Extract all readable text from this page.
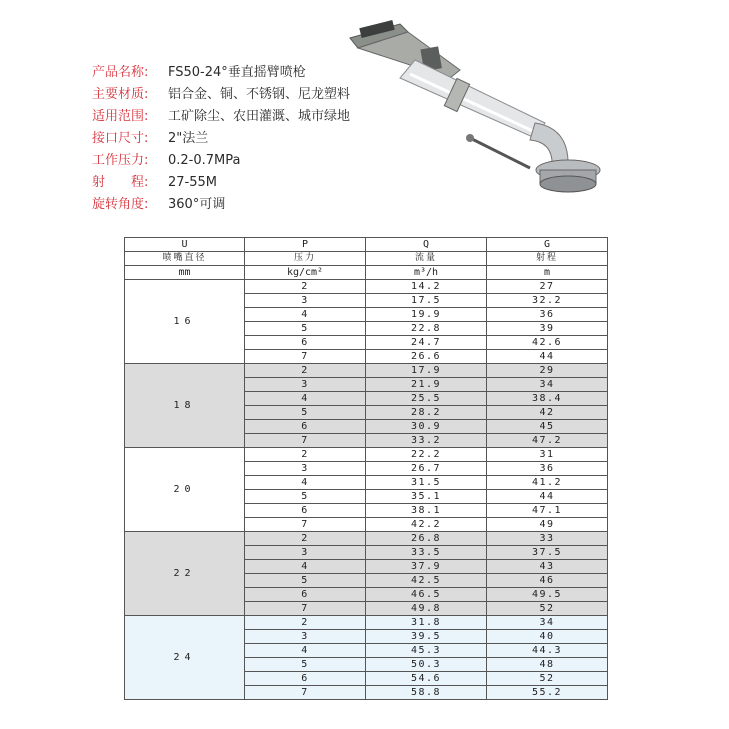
产品名称: FS50-24°垂直摇臂喷枪
主要材质: 铝合金、铜、不锈钢、尼龙塑料
适用范围: 工矿除尘、农田灌溉、城市绿地
接口尺寸: 2"法兰
工作压力: 0.2-0.7MPa
射　　程: 27-55M
旋转角度: 360°可调
U	P	Q	G
喷嘴直径	压力	流量	射程
mm	kg/cm²	m³/h	m
16	2	14.2	27
	3	17.5	32.2
	4	19.9	36
	5	22.8	39
	6	24.7	42.6
	7	26.6	44
18	2	17.9	29
	3	21.9	34
	4	25.5	38.4
	5	28.2	42
	6	30.9	45
	7	33.2	47.2
20	2	22.2	31
	3	26.7	36
	4	31.5	41.2
	5	35.1	44
	6	38.1	47.1
	7	42.2	49
22	2	26.8	33
	3	33.5	37.5
	4	37.9	43
	5	42.5	46
	6	46.5	49.5
	7	49.8	52
24	2	31.8	34
	3	39.5	40
	4	45.3	44.3
	5	50.3	48
	6	54.6	52
	7	58.8	55.2
